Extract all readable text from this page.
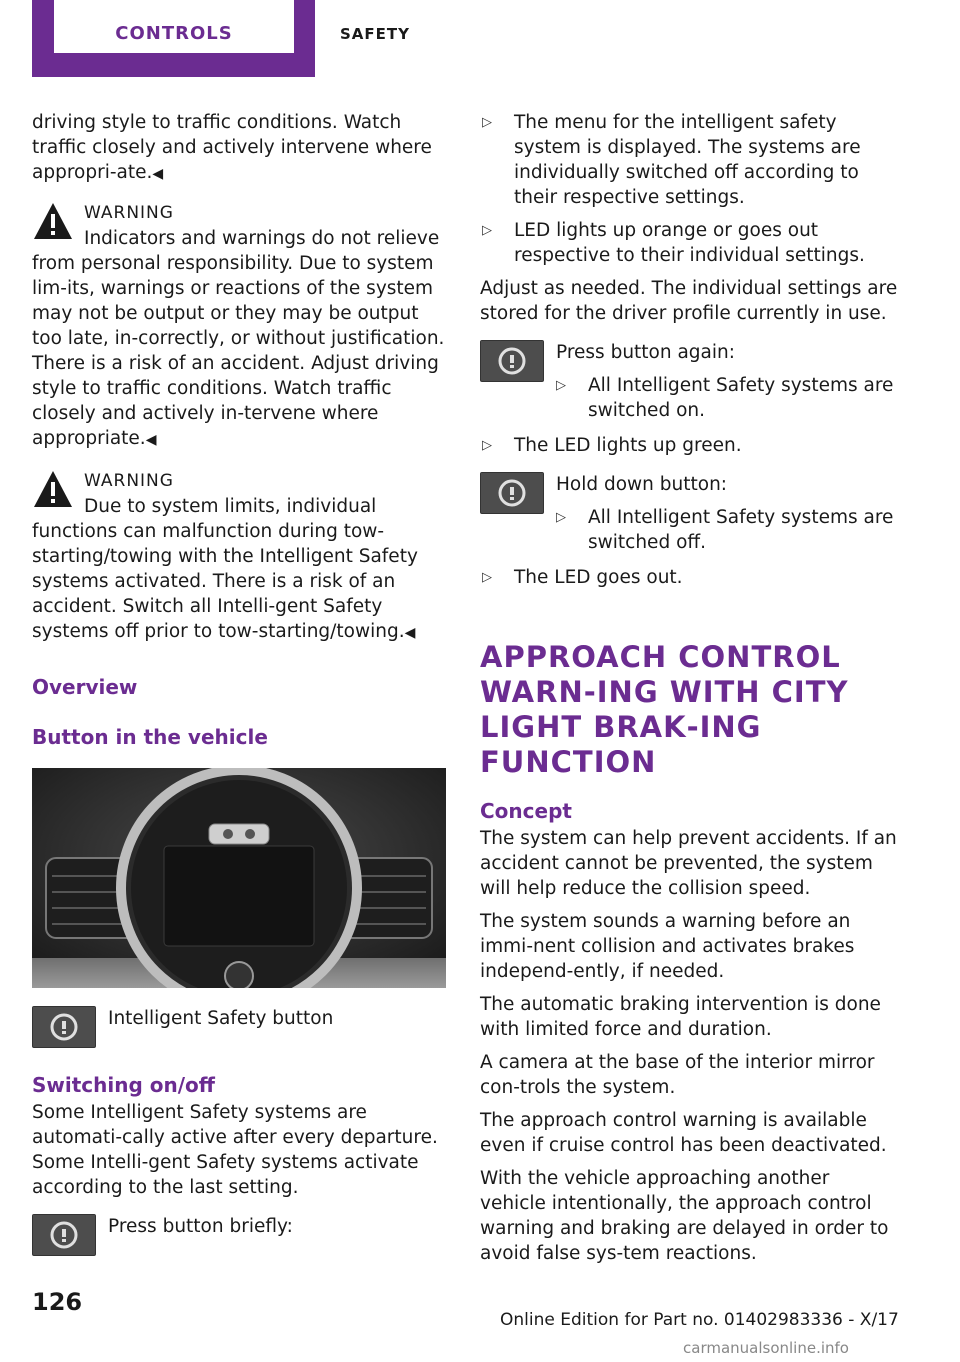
CONTROLS	SAFETY

driving style to traffic conditions. Watch traffic closely and actively intervene where appropri‐ate.◀

WARNING
Indicators and warnings do not relieve from personal responsibility. Due to system lim‐its, warnings or reactions of the system may not be output or they may be output too late, in‐correctly, or without justification. There is a risk of an accident. Adjust driving style to traffic conditions. Watch traffic closely and actively in‐tervene where appropriate.◀
WARNING
Due to system limits, individual functions can malfunction during tow-starting/towing with the Intelligent Safety systems activated. There is a risk of an accident. Switch all Intelli‐gent Safety systems off prior to tow-starting/towing.◀
Overview
Button in the vehicle
Intelligent Safety button
Switching on/off

Some Intelligent Safety systems are automati‐cally active after every departure. Some Intelli‐gent Safety systems activate according to the last setting.

Press button briefly:
▷ The menu for the intelligent safety system is displayed. The systems are individually switched off according to their respective settings.
▷ LED lights up orange or goes out respective to their individual settings.

Adjust as needed. The individual settings are stored for the driver profile currently in use.

Press button again:
▷ All Intelligent Safety systems are switched on.
▷ The LED lights up green.
Hold down button:
▷ All Intelligent Safety systems are switched off.
▷ The LED goes out.
APPROACH CONTROL WARN‐ING WITH CITY LIGHT BRAK‐ING FUNCTION
Concept

The system can help prevent accidents. If an accident cannot be prevented, the system will help reduce the collision speed.

The system sounds a warning before an immi‐nent collision and activates brakes independ‐ently, if needed.

The automatic braking intervention is done with limited force and duration.

A camera at the base of the interior mirror con‐trols the system.

The approach control warning is available even if cruise control has been deactivated.

With the vehicle approaching another vehicle intentionally, the approach control warning and braking are delayed in order to avoid false sys‐tem reactions.

126
Online Edition for Part no. 01402983336 - X/17
carmanualsonline.info
